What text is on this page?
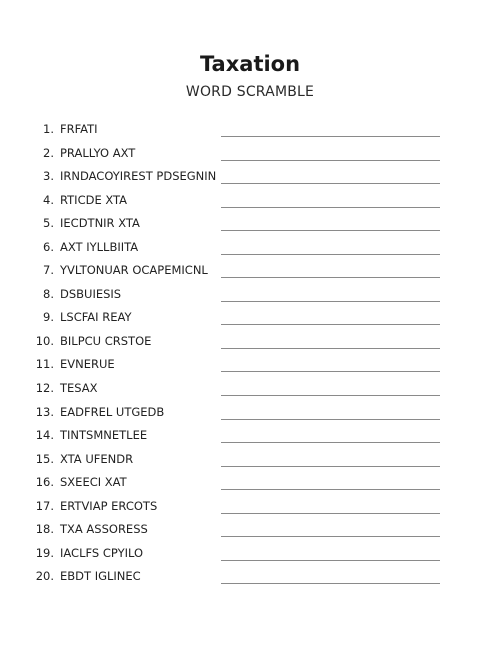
Taxation
WORD SCRAMBLE
1. FRFATI
2. PRALLYO AXT
3. IRNDACOYIREST PDSEGNIN
4. RTICDE XTA
5. IECDTNIR XTA
6. AXT IYLLBIITA
7. YVLTONUAR OCAPEMICNL
8. DSBUIESIS
9. LSCFAI REAY
10. BILPCU CRSTOE
11. EVNERUE
12. TESAX
13. EADFREL UTGEDB
14. TINTSMNETLEE
15. XTA UFENDR
16. SXEECI XAT
17. ERTVIAP ERCOTS
18. TXA ASSORESS
19. IACLFS CPYILO
20. EBDT IGLINEC
